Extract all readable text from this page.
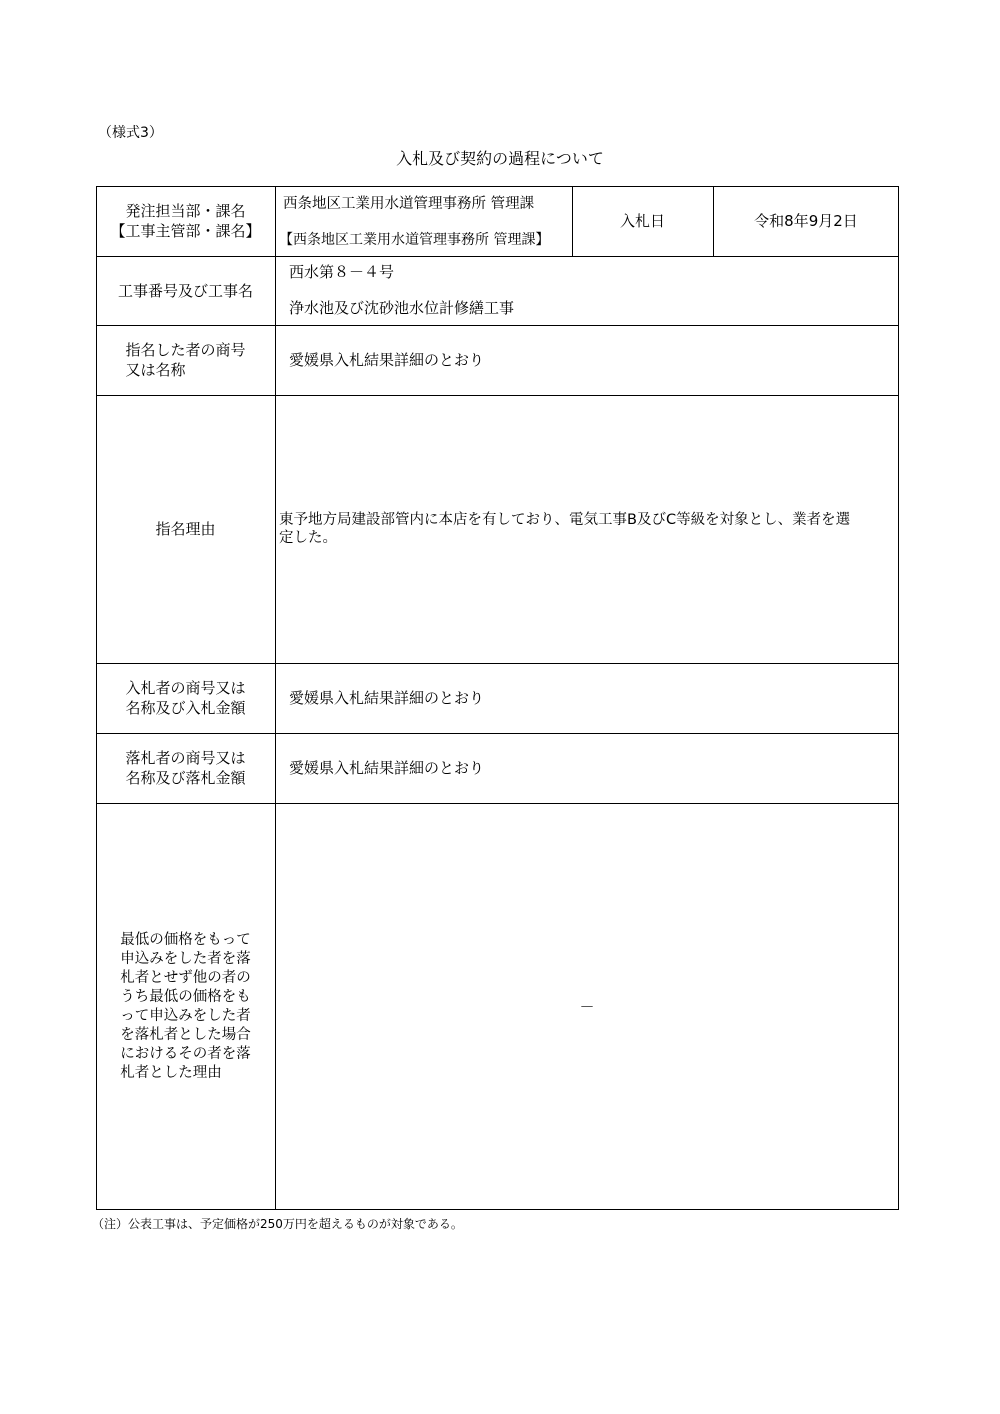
（様式3）
入札及び契約の過程について
発注担当部・課名
【工事主管部・課名】
西条地区工業用水道管理事務所 管理課
【西条地区工業用水道管理事務所 管理課】
入札日	令和8年9月2日
工事番号及び工事名
西水第８－４号
浄水池及び沈砂池水位計修繕工事
指名した者の商号
又は名称
愛媛県入札結果詳細のとおり
指名理由	東予地方局建設部管内に本店を有しており、電気工事B及びC等級を対象とし、業者を選
定した。
入札者の商号又は
名称及び入札金額
愛媛県入札結果詳細のとおり
落札者の商号又は
名称及び落札金額
愛媛県入札結果詳細のとおり
最低の価格をもって
申込みをした者を落
札者とせず他の者の
うち最低の価格をも
って申込みをした者
を落札者とした場合
におけるその者を落
札者とした理由
－
（注）公表工事は、予定価格が250万円を超えるものが対象である。
